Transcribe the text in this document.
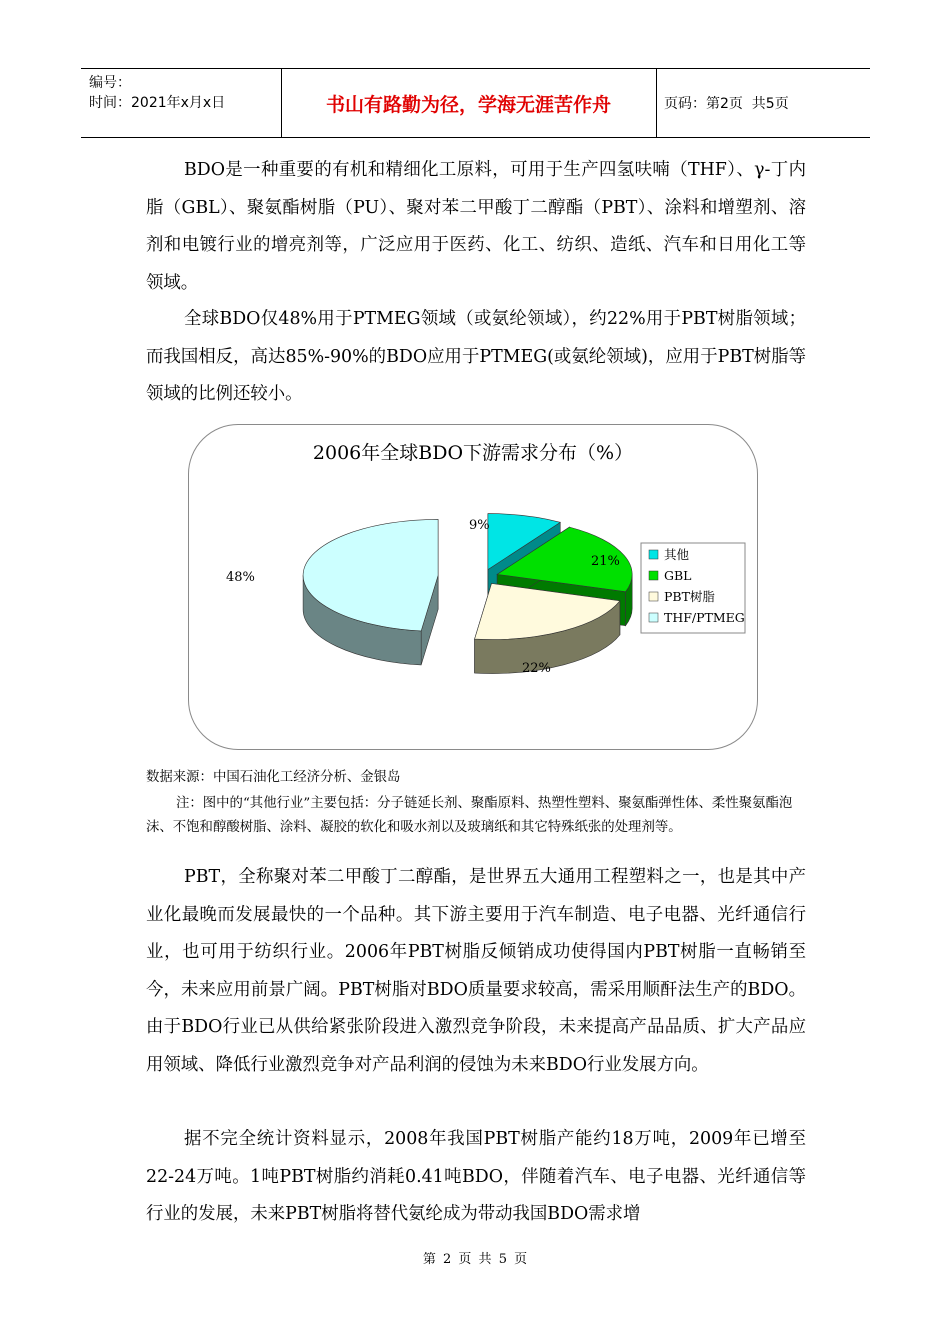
编号：
时间：2021年x月x日	书山有路勤为径，学海无涯苦作舟	页码：第2页  共5页

BDO是一种重要的有机和精细化工原料，可用于生产四氢呋喃（THF）、γ-丁内脂（GBL）、聚氨酯树脂（PU）、聚对苯二甲酸丁二醇酯（PBT）、涂料和增塑剂、溶剂和电镀行业的增亮剂等，广泛应用于医药、化工、纺织、造纸、汽车和日用化工等领域。

全球BDO仅48%用于PTMEG领域（或氨纶领域），约22%用于PBT树脂领域；而我国相反，高达85%-90%的BDO应用于PTMEG(或氨纶领域)，应用于PBT树脂等领域的比例还较小。

2006年全球BDO下游需求分布（%）
9%
21%
22%
48%
其他
GBL
PBT树脂
THF/PTMEG

数据来源：中国石油化工经济分析、金银岛

注：图中的“其他行业”主要包括：分子链延长剂、聚酯原料、热塑性塑料、聚氨酯弹性体、柔性聚氨酯泡沫、不饱和醇酸树脂、涂料、凝胶的软化和吸水剂以及玻璃纸和其它特殊纸张的处理剂等。

PBT，全称聚对苯二甲酸丁二醇酯，是世界五大通用工程塑料之一，也是其中产业化最晚而发展最快的一个品种。其下游主要用于汽车制造、电子电器、光纤通信行业，也可用于纺织行业。2006年PBT树脂反倾销成功使得国内PBT树脂一直畅销至今，未来应用前景广阔。PBT树脂对BDO质量要求较高，需采用顺酐法生产的BDO。由于BDO行业已从供给紧张阶段进入激烈竞争阶段，未来提高产品品质、扩大产品应用领域、降低行业激烈竞争对产品利润的侵蚀为未来BDO行业发展方向。

据不完全统计资料显示，2008年我国PBT树脂产能约18万吨，2009年已增至22-24万吨。1吨PBT树脂约消耗0.41吨BDO，伴随着汽车、电子电器、光纤通信等行业的发展，未来PBT树脂将替代氨纶成为带动我国BDO需求增

第 2 页 共 5 页
